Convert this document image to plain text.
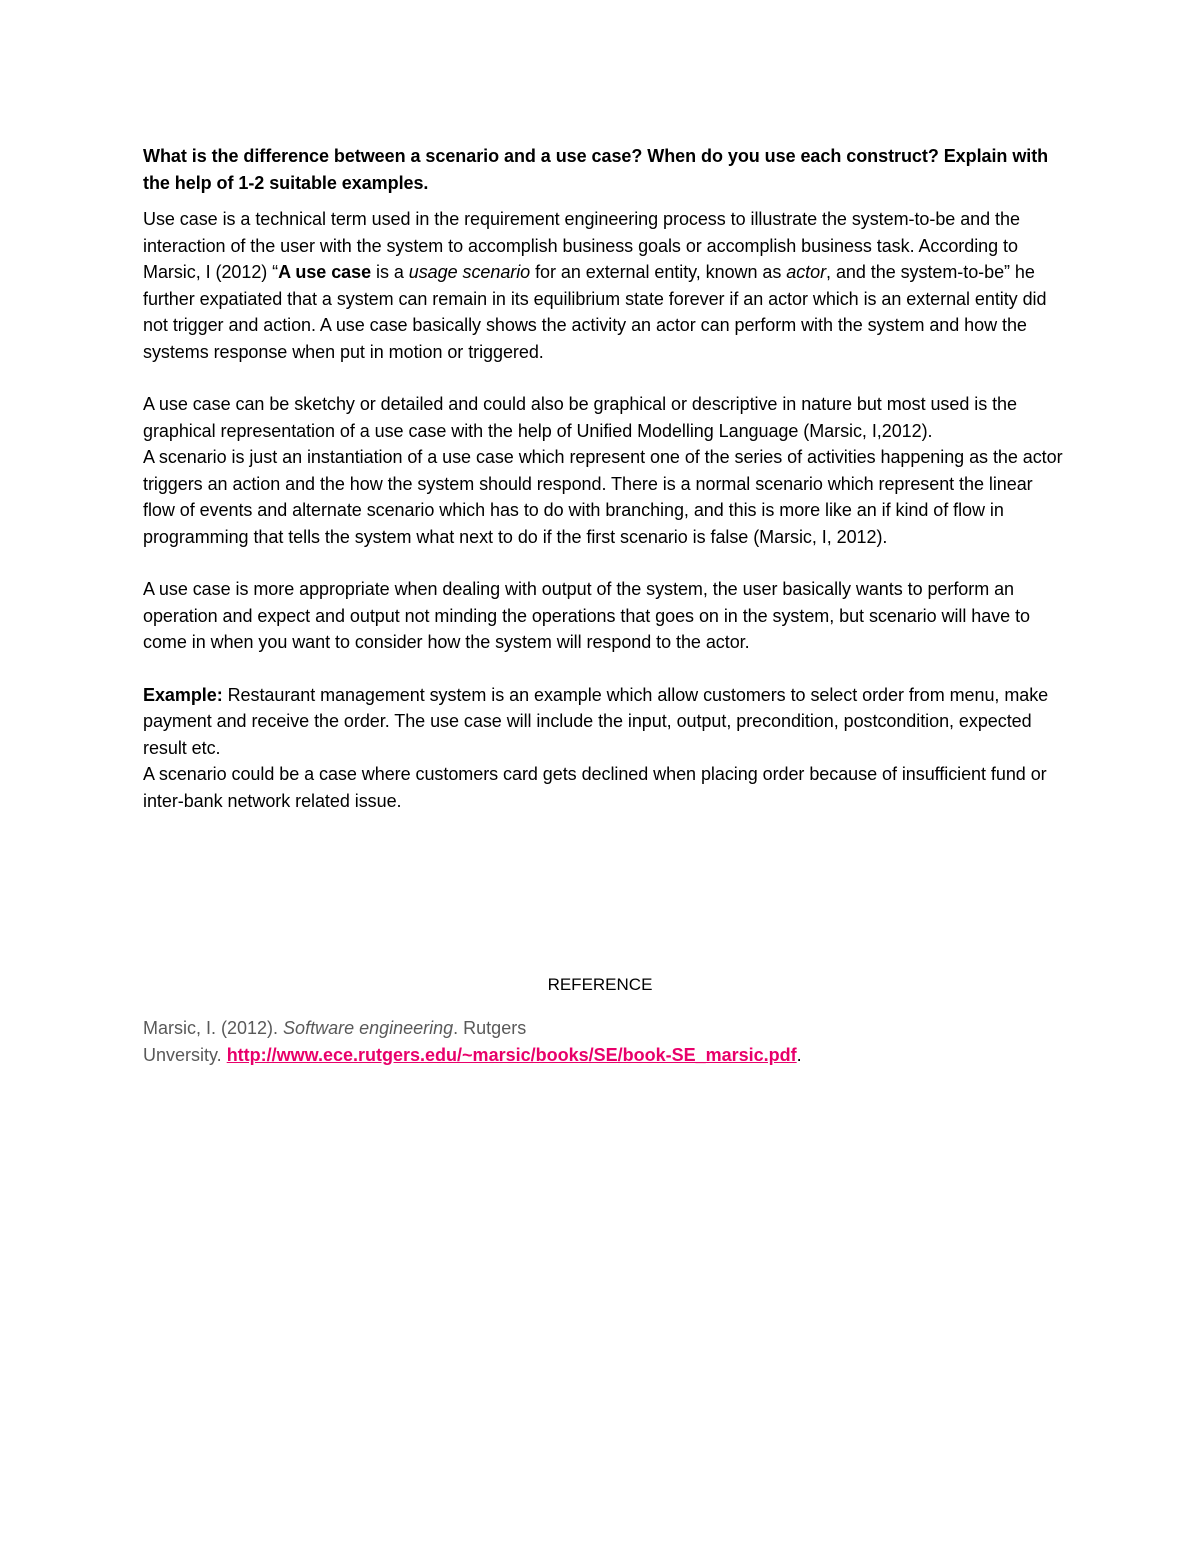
What is the difference between a scenario and a use case? When do you use each construct? Explain with the help of 1-2 suitable examples.

Use case is a technical term used in the requirement engineering process to illustrate the system-to-be and the interaction of the user with the system to accomplish business goals or accomplish business task. According to Marsic, I (2012) “A use case is a usage scenario for an external entity, known as actor, and the system-to-be” he further expatiated that a system can remain in its equilibrium state forever if an actor which is an external entity did not trigger and action. A use case basically shows the activity an actor can perform with the system and how the systems response when put in motion or triggered.

A use case can be sketchy or detailed and could also be graphical or descriptive in nature but most used is the graphical representation of a use case with the help of Unified Modelling Language (Marsic, I,2012).

A scenario is just an instantiation of a use case which represent one of the series of activities happening as the actor triggers an action and the how the system should respond. There is a normal scenario which represent the linear flow of events and alternate scenario which has to do with branching, and this is more like an if kind of flow in programming that tells the system what next to do if the first scenario is false (Marsic, I, 2012).

A use case is more appropriate when dealing with output of the system, the user basically wants to perform an operation and expect and output not minding the operations that goes on in the system, but scenario will have to come in when you want to consider how the system will respond to the actor.

Example: Restaurant management system is an example which allow customers to select order from menu, make payment and receive the order. The use case will include the input, output, precondition, postcondition, expected result etc.

A scenario could be a case where customers card gets declined when placing order because of insufficient fund or inter-bank network related issue.

REFERENCE
Marsic, I. (2012). Software engineering. Rutgers
Unversity. http://www.ece.rutgers.edu/~marsic/books/SE/book-SE_marsic.pdf.
